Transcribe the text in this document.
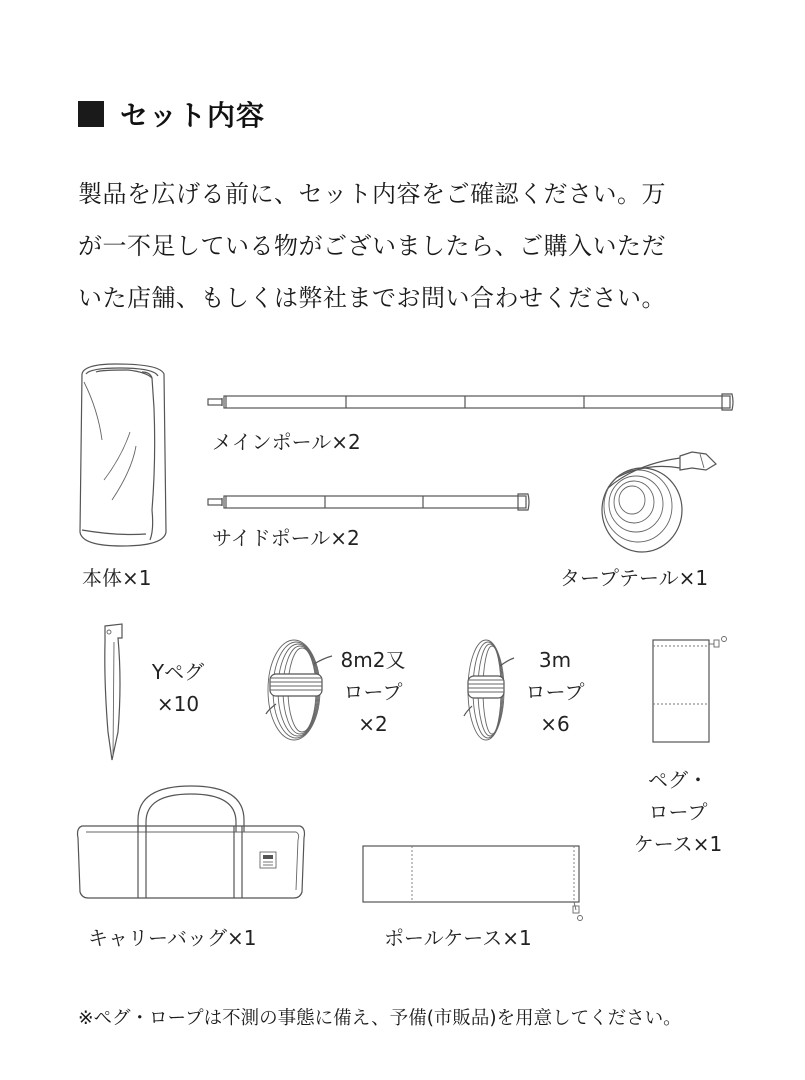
セット内容
製品を広げる前に、セット内容をご確認ください。万
が一不足している物がございましたら、ご購入いただ
いた店舗、もしくは弊社までお問い合わせください。
本体×1
メインポール×2
サイドポール×2
タープテール×1
Yペグ
×10
8m2又
ロープ
×2
3m
ロープ
×6
ペグ・
ロープ
ケース×1
キャリーバッグ×1	ポールケース×1
※ペグ・ロープは不測の事態に備え、予備(市販品)を用意してください。
